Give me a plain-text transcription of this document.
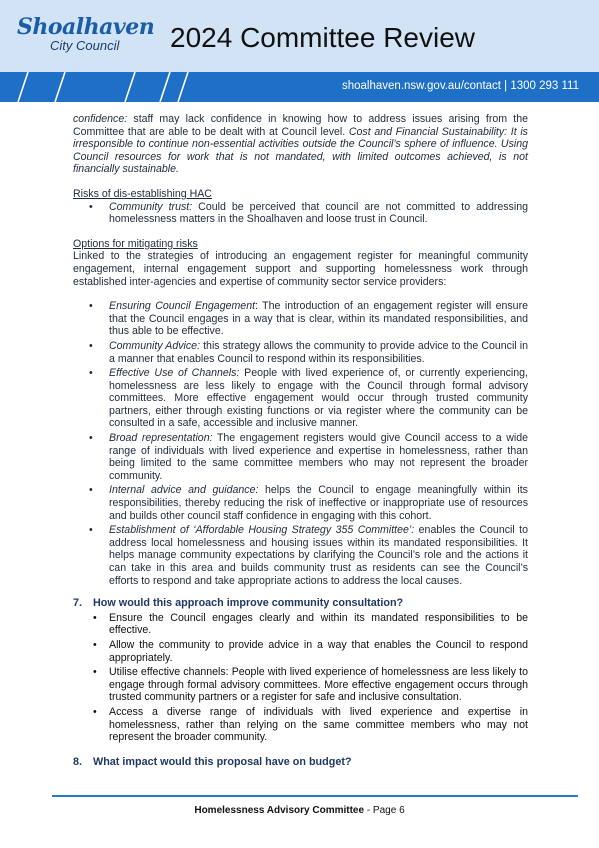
Shoalhaven
City Council 2024 Committee Review
shoalhaven.nsw.gov.au/contact | 1300 293 111

confidence: staff may lack confidence in knowing how to address issues arising from the Committee that are able to be dealt with at Council level. Cost and Financial Sustainability: It is irresponsible to continue non-essential activities outside the Council’s sphere of influence. Using Council resources for work that is not mandated, with limited outcomes achieved, is not financially sustainable.

Risks of dis-establishing HAC

• Community trust: Could be perceived that council are not committed to addressing homelessness matters in the Shoalhaven and loose trust in Council.

Options for mitigating risks

Linked to the strategies of introducing an engagement register for meaningful community engagement, internal engagement support and supporting homelessness work through established inter-agencies and expertise of community sector service providers:

• Ensuring Council Engagement: The introduction of an engagement register will ensure that the Council engages in a way that is clear, within its mandated responsibilities, and thus able to be effective.
• Community Advice: this strategy allows the community to provide advice to the Council in a manner that enables Council to respond within its responsibilities.
• Effective Use of Channels: People with lived experience of, or currently experiencing, homelessness are less likely to engage with the Council through formal advisory committees. More effective engagement would occur through trusted community partners, either through existing functions or via register where the community can be consulted in a safe, accessible and inclusive manner.
• Broad representation: The engagement registers would give Council access to a wide range of individuals with lived experience and expertise in homelessness, rather than being limited to the same committee members who may not represent the broader community.
• Internal advice and guidance: helps the Council to engage meaningfully within its responsibilities, thereby reducing the risk of ineffective or inappropriate use of resources and builds other council staff confidence in engaging with this cohort.
• Establishment of ‘Affordable Housing Strategy 355 Committee’: enables the Council to address local homelessness and housing issues within its mandated responsibilities. It helps manage community expectations by clarifying the Council’s role and the actions it can take in this area and builds community trust as residents can see the Council’s efforts to respond and take appropriate actions to address the local causes.
7. How would this approach improve community consultation?
• Ensure the Council engages clearly and within its mandated responsibilities to be effective.
• Allow the community to provide advice in a way that enables the Council to respond appropriately.
• Utilise effective channels: People with lived experience of homelessness are less likely to engage through formal advisory committees. More effective engagement occurs through trusted community partners or a register for safe and inclusive consultation.
• Access a diverse range of individuals with lived experience and expertise in homelessness, rather than relying on the same committee members who may not represent the broader community.
8. What impact would this proposal have on budget?
Homelessness Advisory Committee - Page 6
